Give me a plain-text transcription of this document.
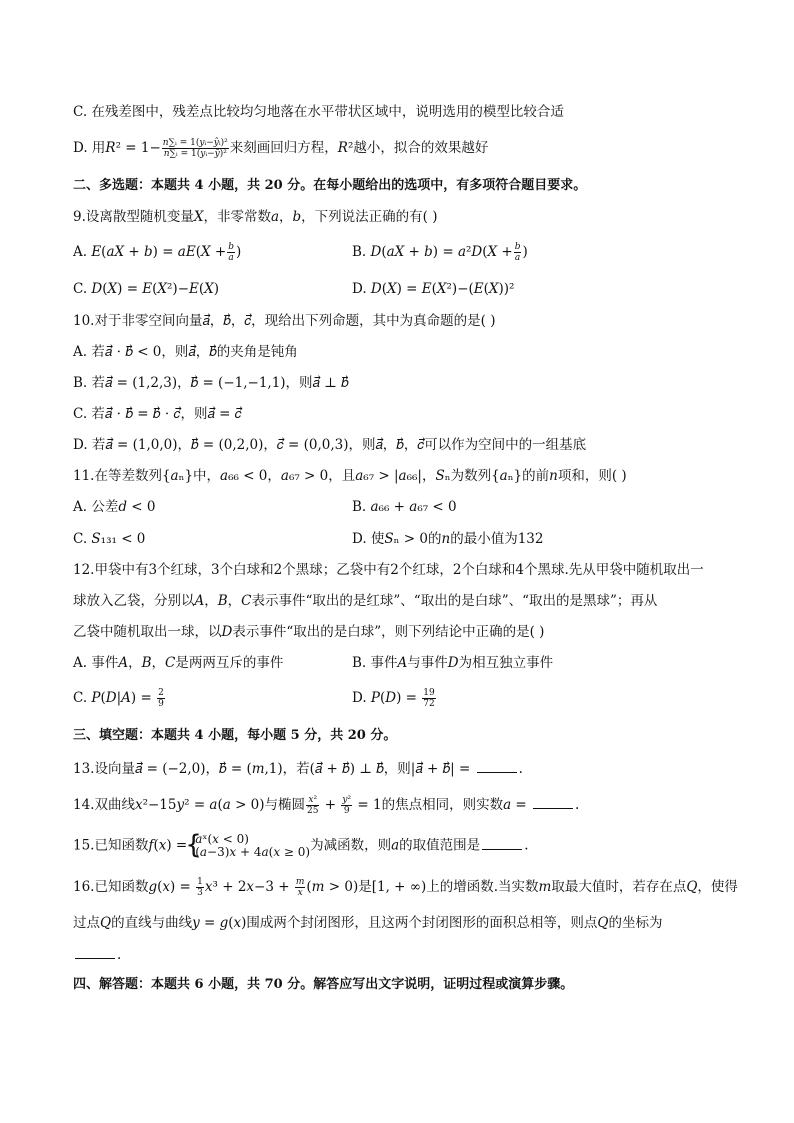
C. 在残差图中，残差点比较均匀地落在水平带状区域中，说明选用的模型比较合适
D. 用𝑅² = $1- \frac{\text{𝑛∑ᵢ = 1(𝑦ᵢ−𝑦̂ᵢ)²}}{\text{𝑛∑ᵢ = 1(𝑦ᵢ−𝑦̄)²}}$ 来刻画回归方程，𝑅²越小，拟合的效果越好
二、多选题：本题共 4 小题，共 20 分。在每小题给出的选项中，有多项符合题目要求。
9.设离散型随机变量𝑋，非零常数𝑎，𝑏，下列说法正确的有( )
A. 𝐸(𝑎𝑋 + 𝑏) = 𝑎𝐸(𝑋 + $\frac{\text{𝑏}}{\text{𝑎}}$ )	B. 𝐷(𝑎𝑋 + 𝑏) = 𝑎²𝐷(𝑋 + $\frac{\text{𝑏}}{\text{𝑎}}$ )
C. 𝐷(𝑋) = 𝐸(𝑋²)−𝐸(𝑋)	D. 𝐷(𝑋) = 𝐸(𝑋²)−(𝐸(𝑋))²
10.对于非零空间向量𝑎⃗，𝑏⃗，𝑐⃗，现给出下列命题，其中为真命题的是( )
A. 若𝑎⃗ ⋅ 𝑏⃗ < 0，则𝑎⃗，𝑏⃗的夹角是钝角
B. 若𝑎⃗ = (1,2,3)，𝑏⃗ = (−1,−1,1)，则𝑎⃗ ⊥ 𝑏⃗
C. 若𝑎⃗ ⋅ 𝑏⃗ = 𝑏⃗ ⋅ 𝑐⃗，则𝑎⃗ = 𝑐⃗
D. 若𝑎⃗ = (1,0,0)，𝑏⃗ = (0,2,0)，𝑐⃗ = (0,0,3)，则𝑎⃗，𝑏⃗，𝑐⃗可以作为空间中的一组基底
11.在等差数列{𝑎ₙ}中，𝑎₆₆ < 0，𝑎₆₇ > 0，且𝑎₆₇ > |𝑎₆₆|，𝑆ₙ为数列{𝑎ₙ}的前𝑛项和，则( )
A. 公差𝑑 < 0	B. 𝑎₆₆ + 𝑎₆₇ < 0
C. 𝑆₁₃₁ < 0	D. 使𝑆ₙ > 0的𝑛的最小值为132
12.甲袋中有3个红球，3个白球和2个黑球；乙袋中有2个红球，2个白球和4个黑球.先从甲袋中随机取出一
球放入乙袋，分别以𝐴，𝐵，𝐶表示事件“取出的是红球”、“取出的是白球”、“取出的是黑球”；再从
乙袋中随机取出一球，以𝐷表示事件“取出的是白球”，则下列结论中正确的是( )
A. 事件𝐴，𝐵，𝐶是两两互斥的事件	B. 事件𝐴与事件𝐷为相互独立事件
C. 𝑃(𝐷|𝐴) = $\frac{2}{9}$	D. 𝑃(𝐷) = $\frac{19}{72}$
三、填空题：本题共 4 小题，每小题 5 分，共 20 分。
13.设向量𝑎⃗ = (−2,0)，𝑏⃗ = (𝑚,1)，若(𝑎⃗ + 𝑏⃗) ⊥ 𝑏⃗，则|𝑎⃗ + 𝑏⃗| =	.
14.双曲线𝑥²−15𝑦² = 𝑎(𝑎 > 0)与椭圆 $\frac{\text{𝑥²}}{25} + \frac{\text{𝑦²}}{9} = 1$的焦点相同，则实数𝑎 =	.
15.已知函数𝑓(𝑥) =
{ 𝑎ˣ(𝑥 < 0)
(𝑎−3)𝑥 + 4𝑎(𝑥 ≥ 0) 为减函数，则𝑎的取值范围是	.
16.已知函数𝑔(𝑥) = $\frac{1}{3}$ 𝑥³ + 2𝑥−3 + $\frac{\text{𝑚}}{\text{𝑥}}$ (𝑚 > 0)是[1, + ∞)上的增函数.当实数𝑚取最大值时，若存在点𝑄，使得
过点𝑄的直线与曲线𝑦 = 𝑔(𝑥)围成两个封闭图形，且这两个封闭图形的面积总相等，则点𝑄的坐标为
.
四、解答题：本题共 6 小题，共 70 分。解答应写出文字说明，证明过程或演算步骤。
